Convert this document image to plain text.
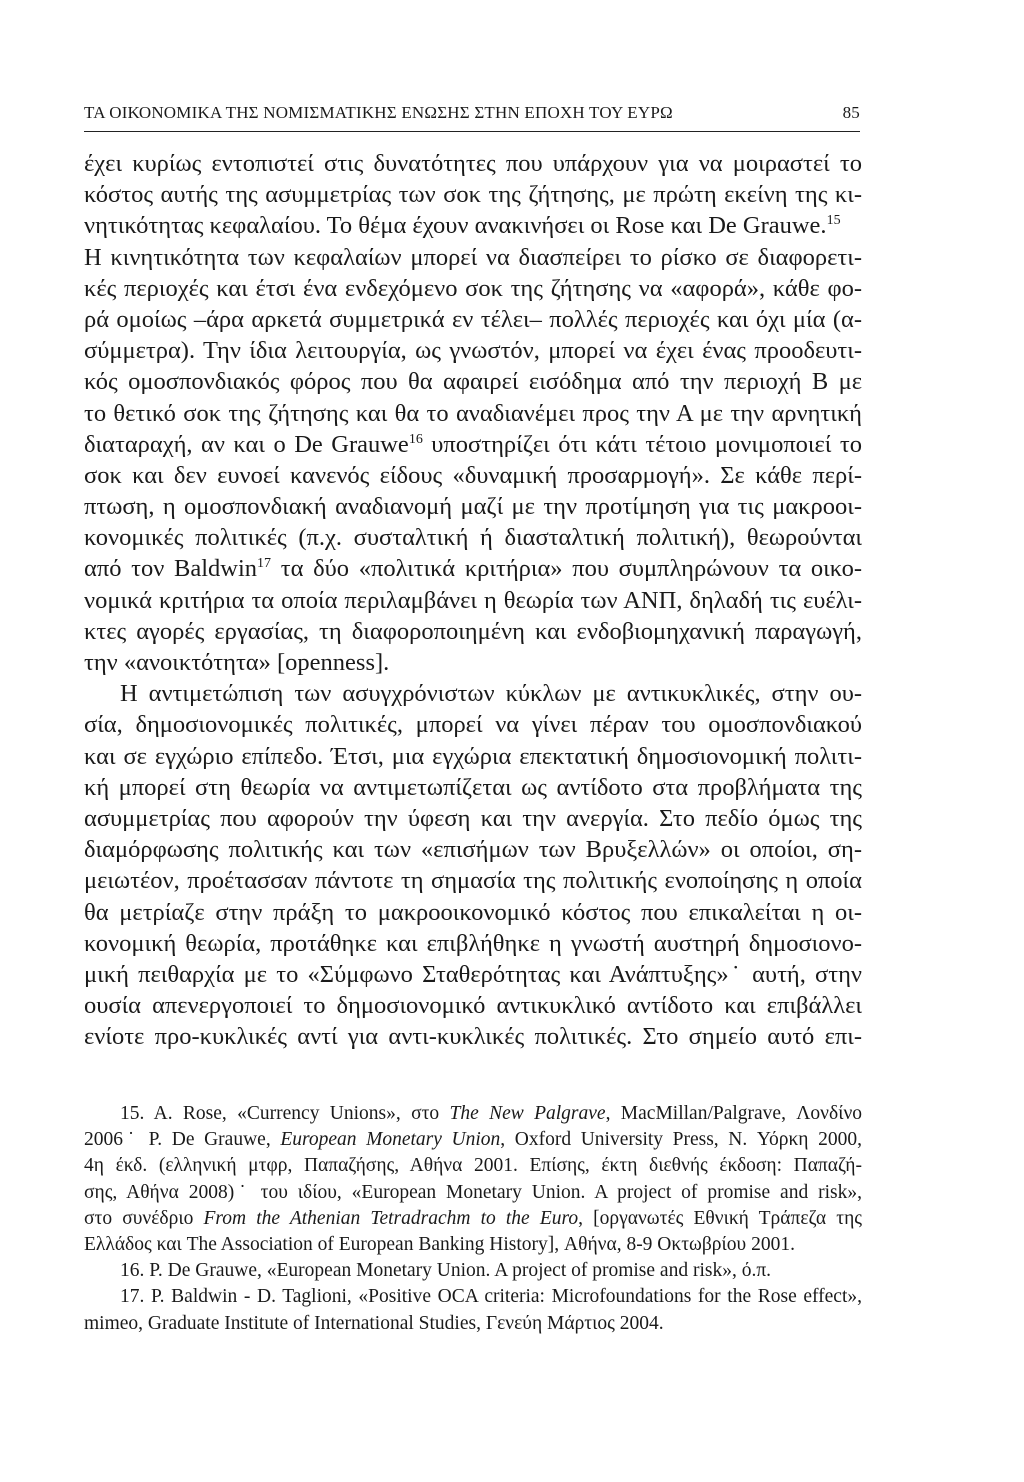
ΤΑ ΟΙΚΟΝΟΜΙΚΑ ΤΗΣ ΝΟΜΙΣΜΑΤΙΚΗΣ ΕΝΩΣΗΣ ΣΤΗΝ ΕΠΟΧΗ ΤΟΥ ΕΥΡΩ	85
έχει κυρίως εντοπιστεί στις δυνατότητες που υπάρχουν για να μοιραστεί το
κόστος αυτής της ασυμμετρίας των σοκ της ζήτησης, με πρώτη εκείνη της κι-
νητικότητας κεφαλαίου. Το θέμα έχουν ανακινήσει οι Rose και De Grauwe.$^{15}$
Η κινητικότητα των κεφαλαίων μπορεί να διασπείρει το ρίσκο σε διαφορετι-
κές περιοχές και έτσι ένα ενδεχόμενο σοκ της ζήτησης να «αφορά», κάθε φο-
ρά ομοίως –άρα αρκετά συμμετρικά εν τέλει– πολλές περιοχές και όχι μία (α-
σύμμετρα). Την ίδια λειτουργία, ως γνωστόν, μπορεί να έχει ένας προοδευτι-
κός ομοσπονδιακός φόρος που θα αφαιρεί εισόδημα από την περιοχή Β με
το θετικό σοκ της ζήτησης και θα το αναδιανέμει προς την Α με την αρνητική
διαταραχή, αν και ο De Grauwe$^{16}$ υποστηρίζει ότι κάτι τέτοιο μονιμοποιεί το
σοκ και δεν ευνοεί κανενός είδους «δυναμική προσαρμογή». Σε κάθε περί-
πτωση, η ομοσπονδιακή αναδιανομή μαζί με την προτίμηση για τις μακροοι-
κονομικές πολιτικές (π.χ. συσταλτική ή διασταλτική πολιτική), θεωρούνται
από τον Baldwin$^{17}$ τα δύο «πολιτικά κριτήρια» που συμπληρώνουν τα οικο-
νομικά κριτήρια τα οποία περιλαμβάνει η θεωρία των ΑΝΠ, δηλαδή τις ευέλι-
κτες αγορές εργασίας, τη διαφοροποιημένη και ενδοβιομηχανική παραγωγή,
την «ανοικτότητα» [openness].
Η αντιμετώπιση των ασυγχρόνιστων κύκλων με αντικυκλικές, στην ου-
σία, δημοσιονομικές πολιτικές, μπορεί να γίνει πέραν του ομοσπονδιακού
και σε εγχώριο επίπεδο. Έτσι, μια εγχώρια επεκτατική δημοσιονομική πολιτι-
κή μπορεί στη θεωρία να αντιμετωπίζεται ως αντίδοτο στα προβλήματα της
ασυμμετρίας που αφορούν την ύφεση και την ανεργία. Στο πεδίο όμως της
διαμόρφωσης πολιτικής και των «επισήμων των Βρυξελλών» οι οποίοι, ση-
μειωτέον, προέτασσαν πάντοτε τη σημασία της πολιτικής ενοποίησης η οποία
θα μετρίαζε στην πράξη το μακροοικονομικό κόστος που επικαλείται η οι-
κονομική θεωρία, προτάθηκε και επιβλήθηκε η γνωστή αυστηρή δημοσιονο-
μική πειθαρχία με το «Σύμφωνο Σταθερότητας και Ανάπτυξης»˙ αυτή, στην
ουσία απενεργοποιεί το δημοσιονομικό αντικυκλικό αντίδοτο και επιβάλλει
ενίοτε προ-κυκλικές αντί για αντι-κυκλικές πολιτικές. Στο σημείο αυτό επι-
15. A. Rose, «Currency Unions», στο The New Palgrave, MacMillan/Palgrave, Λονδίνο
2006˙ P. De Grauwe, European Monetary Union, Oxford University Press, N. Υόρκη 2000,
4η έκδ. (ελληνική μτφρ, Παπαζήσης, Αθήνα 2001. Επίσης, έκτη διεθνής έκδοση: Παπαζή-
σης, Αθήνα 2008)˙ του ιδίου, «European Monetary Union. A project of promise and risk»,
στο συνέδριο From the Athenian Tetradrachm to the Euro, [οργανωτές Εθνική Τράπεζα της
Ελλάδος και The Association of European Banking History], Αθήνα, 8-9 Οκτωβρίου 2001.
16. P. De Grauwe, «European Monetary Union. A project of promise and risk», ό.π.
17. P. Baldwin - D. Taglioni, «Positive OCA criteria: Microfoundations for the Rose effect»,
mimeo, Graduate Institute of International Studies, Γενεύη Μάρτιος 2004.
